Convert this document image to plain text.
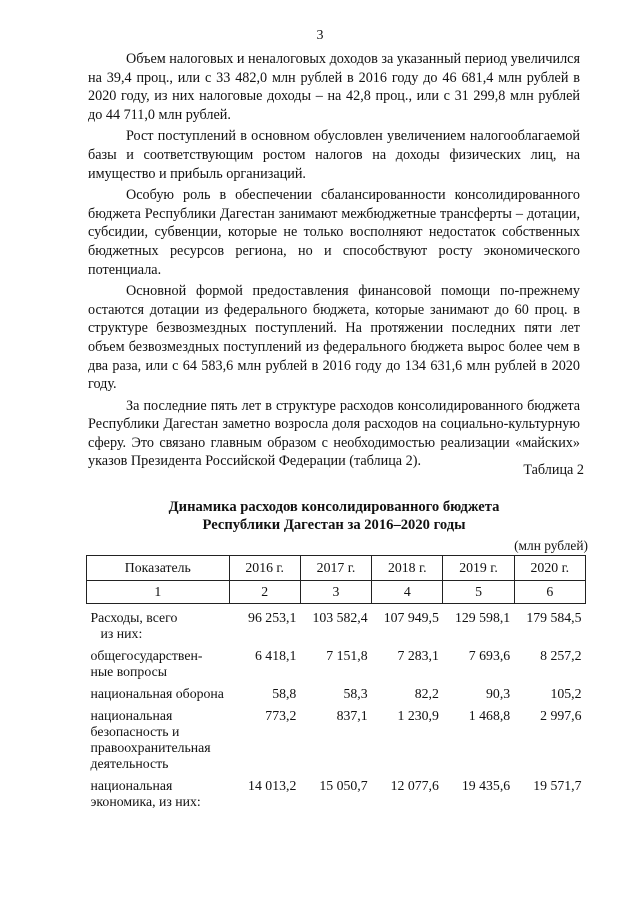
3

Объем налоговых и неналоговых доходов за указанный период увеличился на 39,4 проц., или с 33 482,0 млн рублей в 2016 году до 46 681,4 млн рублей в 2020 году, из них налоговые доходы – на 42,8 проц., или с 31 299,8 млн рублей до 44 711,0 млн рублей.

Рост поступлений в основном обусловлен увеличением налогооблагаемой базы и соответствующим ростом налогов на доходы физических лиц, на имущество и прибыль организаций.

Особую роль в обеспечении сбалансированности консолидированного бюджета Республики Дагестан занимают межбюджетные трансферты – дотации, субсидии, субвенции, которые не только восполняют недостаток собственных бюджетных ресурсов региона, но и способствуют росту экономического потенциала.

Основной формой предоставления финансовой помощи по-прежнему остаются дотации из федерального бюджета, которые занимают до 60 проц. в структуре безвозмездных поступлений. На протяжении последних пяти лет объем безвозмездных поступлений из федерального бюджета вырос более чем в два раза, или с 64 583,6 млн рублей в 2016 году до 134 631,6 млн рублей в 2020 году.

За последние пять лет в структуре расходов консолидированного бюджета Республики Дагестан заметно возросла доля расходов на социально-культурную сферу. Это связано главным образом с необходимостью реализации «майских» указов Президента Российской Федерации (таблица 2).

Таблица 2
Динамика расходов консолидированного бюджета
Республики Дагестан за 2016–2020 годы
(млн рублей)
Показатель	2016 г.	2017 г.	2018 г.	2019 г.	2020 г.
1	2	3	4	5	6
Расходы, всего
из них:	96 253,1	103 582,4	107 949,5	129 598,1	179 584,5
общегосударствен-ные вопросы	6 418,1	7 151,8	7 283,1	7 693,6	8 257,2
национальная оборона	58,8	58,3	82,2	90,3	105,2
национальная безопасность и правоохранительная деятельность	773,2	837,1	1 230,9	1 468,8	2 997,6
национальная экономика, из них:	14 013,2	15 050,7	12 077,6	19 435,6	19 571,7
